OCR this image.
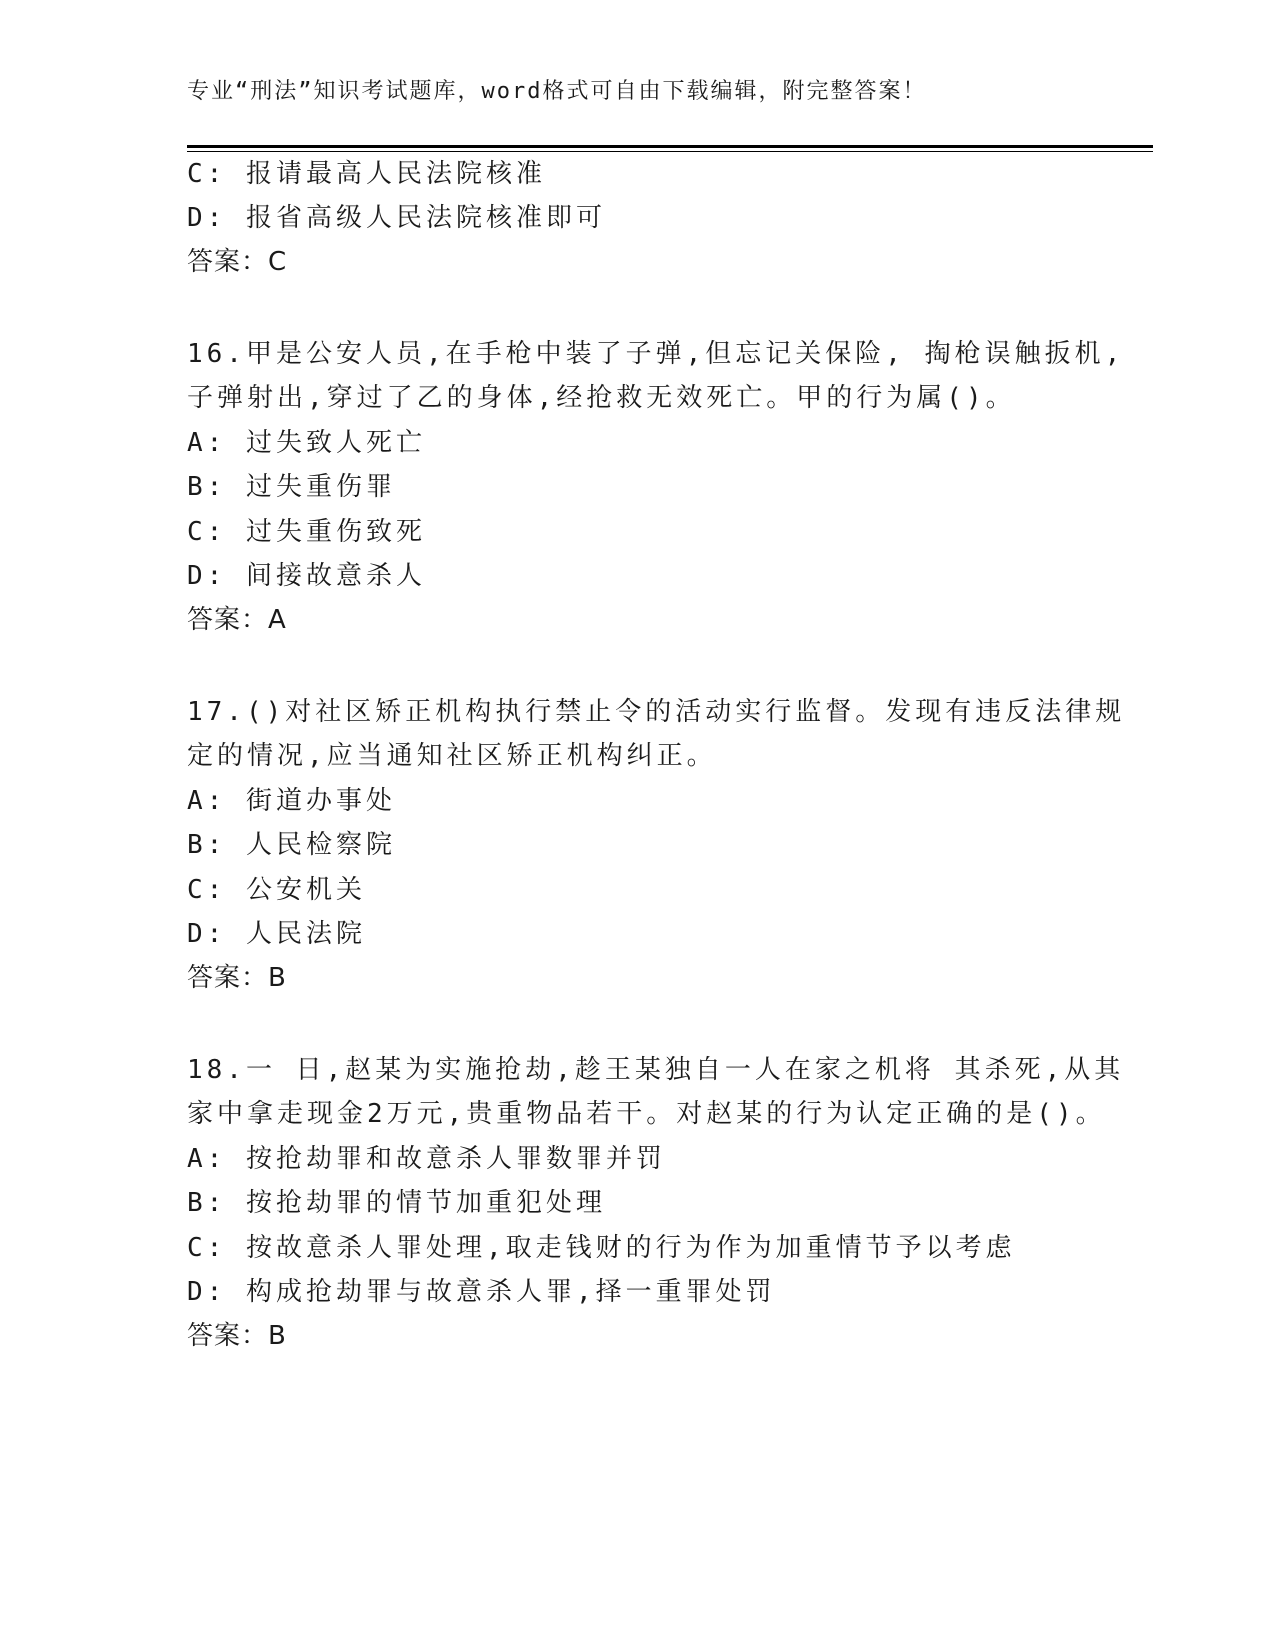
专业“刑法”知识考试题库，word格式可自由下载编辑，附完整答案！
C: 报请最高人民法院核准
D: 报省高级人民法院核准即可
答案：C
16.甲是公安人员,在手枪中装了子弹,但忘记关保险, 掏枪误触扳机,
子弹射出,穿过了乙的身体,经抢救无效死亡。甲的行为属()。
A: 过失致人死亡
B: 过失重伤罪
C: 过失重伤致死
D: 间接故意杀人
答案：A
17.()对社区矫正机构执行禁止令的活动实行监督。发现有违反法律规
定的情况,应当通知社区矫正机构纠正。
A: 街道办事处
B: 人民检察院
C: 公安机关
D: 人民法院
答案：B
18.一 日,赵某为实施抢劫,趁王某独自一人在家之机将 其杀死,从其
家中拿走现金2万元,贵重物品若干。对赵某的行为认定正确的是()。
A: 按抢劫罪和故意杀人罪数罪并罚
B: 按抢劫罪的情节加重犯处理
C: 按故意杀人罪处理,取走钱财的行为作为加重情节予以考虑
D: 构成抢劫罪与故意杀人罪,择一重罪处罚
答案：B
